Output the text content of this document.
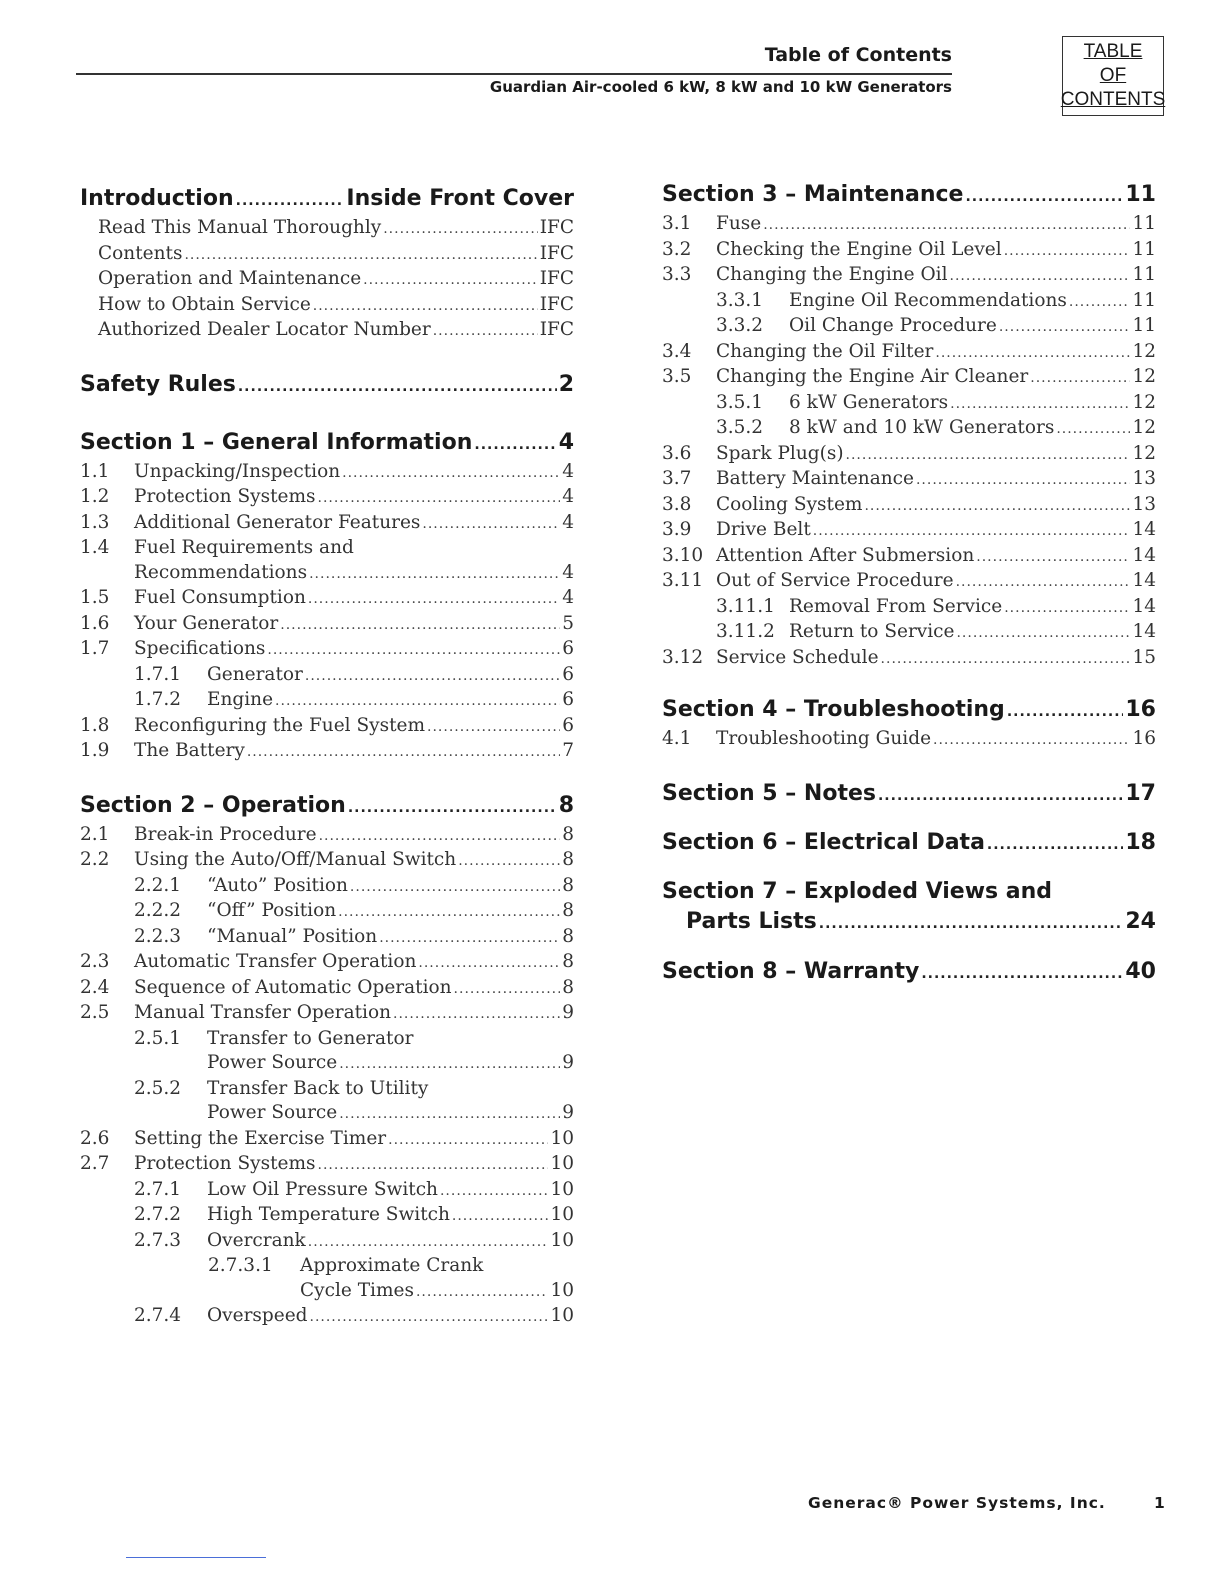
Table of Contents
Guardian Air-cooled 6 kW, 8 kW and 10 kW Generators
TABLE
OF
CONTENTS
Introduction .....	Inside Front Cover
Read This Manual Thoroughly .....	IFC
Contents .....	IFC
Operation and Maintenance .....	IFC
How to Obtain Service .....	IFC
Authorized Dealer Locator Number .....	IFC
Safety Rules .....	2
Section 1 – General Information .....	4
1.1	Unpacking/Inspection .....	4
1.2	Protection Systems .....	4
1.3	Additional Generator Features .....	4
1.4	Fuel Requirements and
Recommendations .....	4
1.5	Fuel Consumption .....	4
1.6	Your Generator .....	5
1.7	Specifications .....	6
1.7.1	Generator .....	6
1.7.2	Engine .....	6
1.8	Reconfiguring the Fuel System .....	6
1.9	The Battery .....	7
Section 2 – Operation .....	8
2.1	Break-in Procedure .....	8
2.2	Using the Auto/Off/Manual Switch .....	8
2.2.1	“Auto” Position .....	8
2.2.2	“Off” Position .....	8
2.2.3	“Manual” Position .....	8
2.3	Automatic Transfer Operation .....	8
2.4	Sequence of Automatic Operation .....	8
2.5	Manual Transfer Operation .....	9
2.5.1	Transfer to Generator
Power Source .....	9
2.5.2	Transfer Back to Utility
Power Source .....	9
2.6	Setting the Exercise Timer .....	10
2.7	Protection Systems .....	10
2.7.1	Low Oil Pressure Switch .....	10
2.7.2	High Temperature Switch .....	10
2.7.3	Overcrank .....	10
2.7.3.1	Approximate Crank
Cycle Times .....	10
2.7.4	Overspeed .....	10
Section 3 – Maintenance .....	11
3.1	Fuse .....	11
3.2	Checking the Engine Oil Level .....	11
3.3	Changing the Engine Oil .....	11
3.3.1	Engine Oil Recommendations .....	11
3.3.2	Oil Change Procedure .....	11
3.4	Changing the Oil Filter .....	12
3.5	Changing the Engine Air Cleaner .....	12
3.5.1	6 kW Generators .....	12
3.5.2	8 kW and 10 kW Generators .....	12
3.6	Spark Plug(s) .....	12
3.7	Battery Maintenance .....	13
3.8	Cooling System .....	13
3.9	Drive Belt .....	14
3.10 Attention After Submersion .....	14
3.11 Out of Service Procedure .....	14
3.11.1 Removal From Service .....	14
3.11.2 Return to Service .....	14
3.12 Service Schedule .....	15
Section 4 – Troubleshooting .....	16
4.1	Troubleshooting Guide .....	16
Section 5 – Notes .....	17
Section 6 – Electrical Data .....	18
Section 7 – Exploded Views and
Parts Lists .....	24
Section 8 – Warranty .....	40
Generac® Power Systems, Inc.	1
